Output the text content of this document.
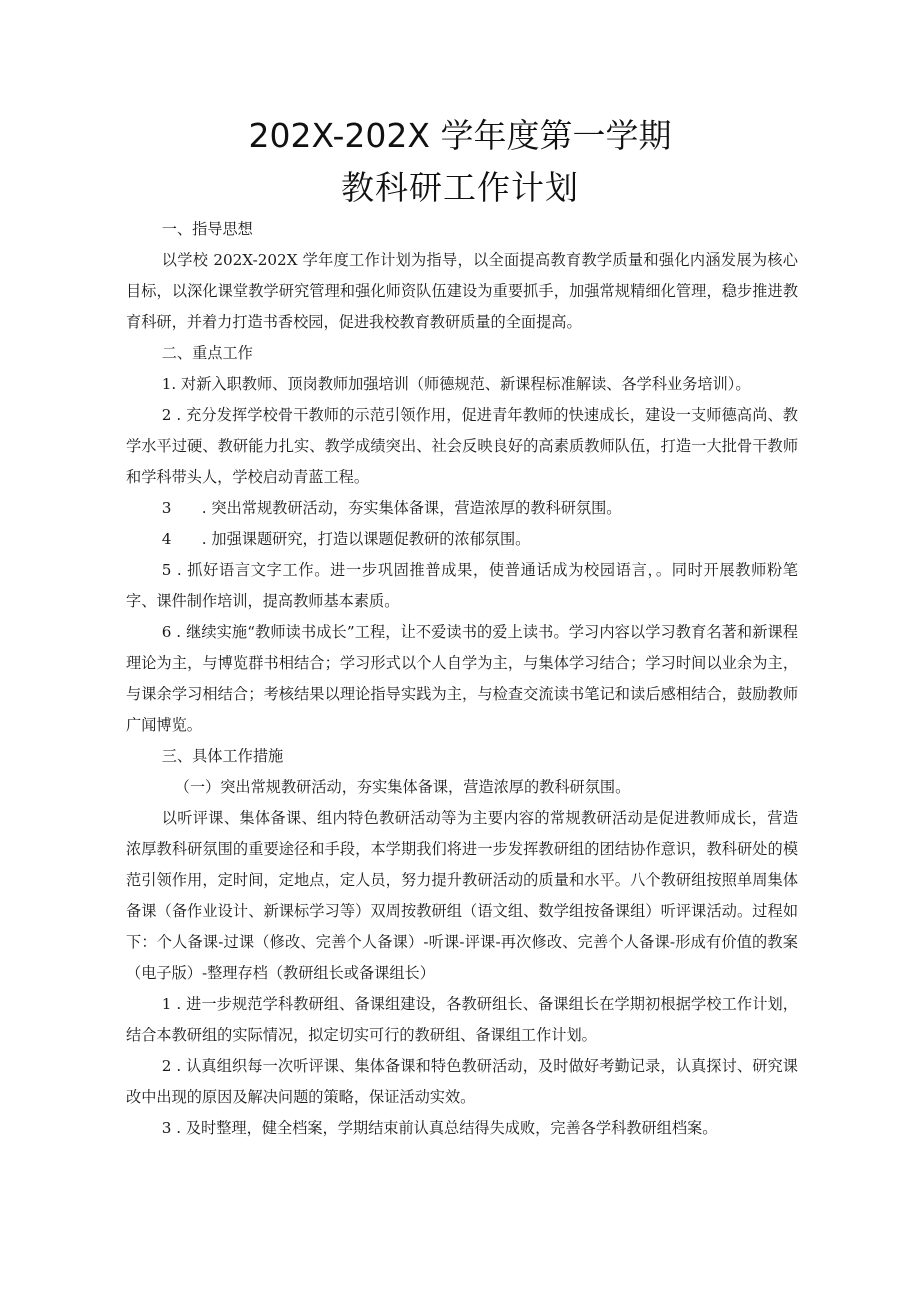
202X-202X 学年度第一学期
教科研工作计划

一、指导思想

以学校 202X-202X 学年度工作计划为指导，以全面提高教育教学质量和强化内涵发展为核心目标，以深化课堂教学研究管理和强化师资队伍建设为重要抓手，加强常规精细化管理，稳步推进教育科研，并着力打造书香校园，促进我校教育教研质量的全面提高。

二、重点工作

1. 对新入职教师、顶岗教师加强培训（师德规范、新课程标准解读、各学科业务培训）。

2 . 充分发挥学校骨干教师的示范引领作用，促进青年教师的快速成长，建设一支师德高尚、教学水平过硬、教研能力扎实、教学成绩突出、社会反映良好的高素质教师队伍，打造一大批骨干教师和学科带头人，学校启动青蓝工程。

3　　. 突出常规教研活动，夯实集体备课，营造浓厚的教科研氛围。

4　　. 加强课题研究，打造以课题促教研的浓郁氛围。

5 . 抓好语言文字工作。进一步巩固推普成果，使普通话成为校园语言，。同时开展教师粉笔字、课件制作培训，提高教师基本素质。

6 . 继续实施“教师读书成长”工程，让不爱读书的爱上读书。学习内容以学习教育名著和新课程理论为主，与博览群书相结合；学习形式以个人自学为主，与集体学习结合；学习时间以业余为主，与课余学习相结合；考核结果以理论指导实践为主，与检查交流读书笔记和读后感相结合，鼓励教师广闻博览。

三、具体工作措施

（一）突出常规教研活动，夯实集体备课，营造浓厚的教科研氛围。

以听评课、集体备课、组内特色教研活动等为主要内容的常规教研活动是促进教师成长，营造浓厚教科研氛围的重要途径和手段，本学期我们将进一步发挥教研组的团结协作意识，教科研处的模范引领作用，定时间，定地点，定人员，努力提升教研活动的质量和水平。八个教研组按照单周集体备课（备作业设计、新课标学习等）双周按教研组（语文组、数学组按备课组）听评课活动。过程如下：个人备课-过课（修改、完善个人备课）-听课-评课-再次修改、完善个人备课-形成有价值的教案（电子版）-整理存档（教研组长或备课组长）

1 . 进一步规范学科教研组、备课组建设，各教研组长、备课组长在学期初根据学校工作计划，结合本教研组的实际情况，拟定切实可行的教研组、备课组工作计划。

2 . 认真组织每一次听评课、集体备课和特色教研活动，及时做好考勤记录，认真探讨、研究课改中出现的原因及解决问题的策略，保证活动实效。

3 . 及时整理，健全档案，学期结束前认真总结得失成败，完善各学科教研组档案。
